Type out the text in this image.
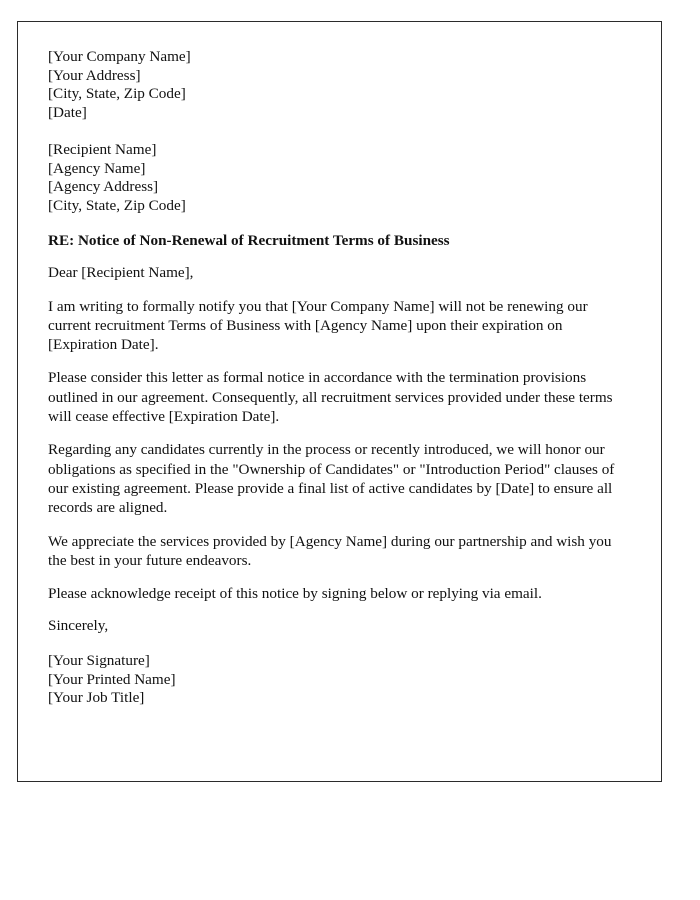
[Your Company Name]
[Your Address]
[City, State, Zip Code]
[Date]
[Recipient Name]
[Agency Name]
[Agency Address]
[City, State, Zip Code]

RE: Notice of Non-Renewal of Recruitment Terms of Business

Dear [Recipient Name],

I am writing to formally notify you that [Your Company Name] will not be renewing our current recruitment Terms of Business with [Agency Name] upon their expiration on [Expiration Date].

Please consider this letter as formal notice in accordance with the termination provisions outlined in our agreement. Consequently, all recruitment services provided under these terms will cease effective [Expiration Date].

Regarding any candidates currently in the process or recently introduced, we will honor our obligations as specified in the "Ownership of Candidates" or "Introduction Period" clauses of our existing agreement. Please provide a final list of active candidates by [Date] to ensure all records are aligned.

We appreciate the services provided by [Agency Name] during our partnership and wish you the best in your future endeavors.

Please acknowledge receipt of this notice by signing below or replying via email.

Sincerely,

[Your Signature]
[Your Printed Name]
[Your Job Title]
